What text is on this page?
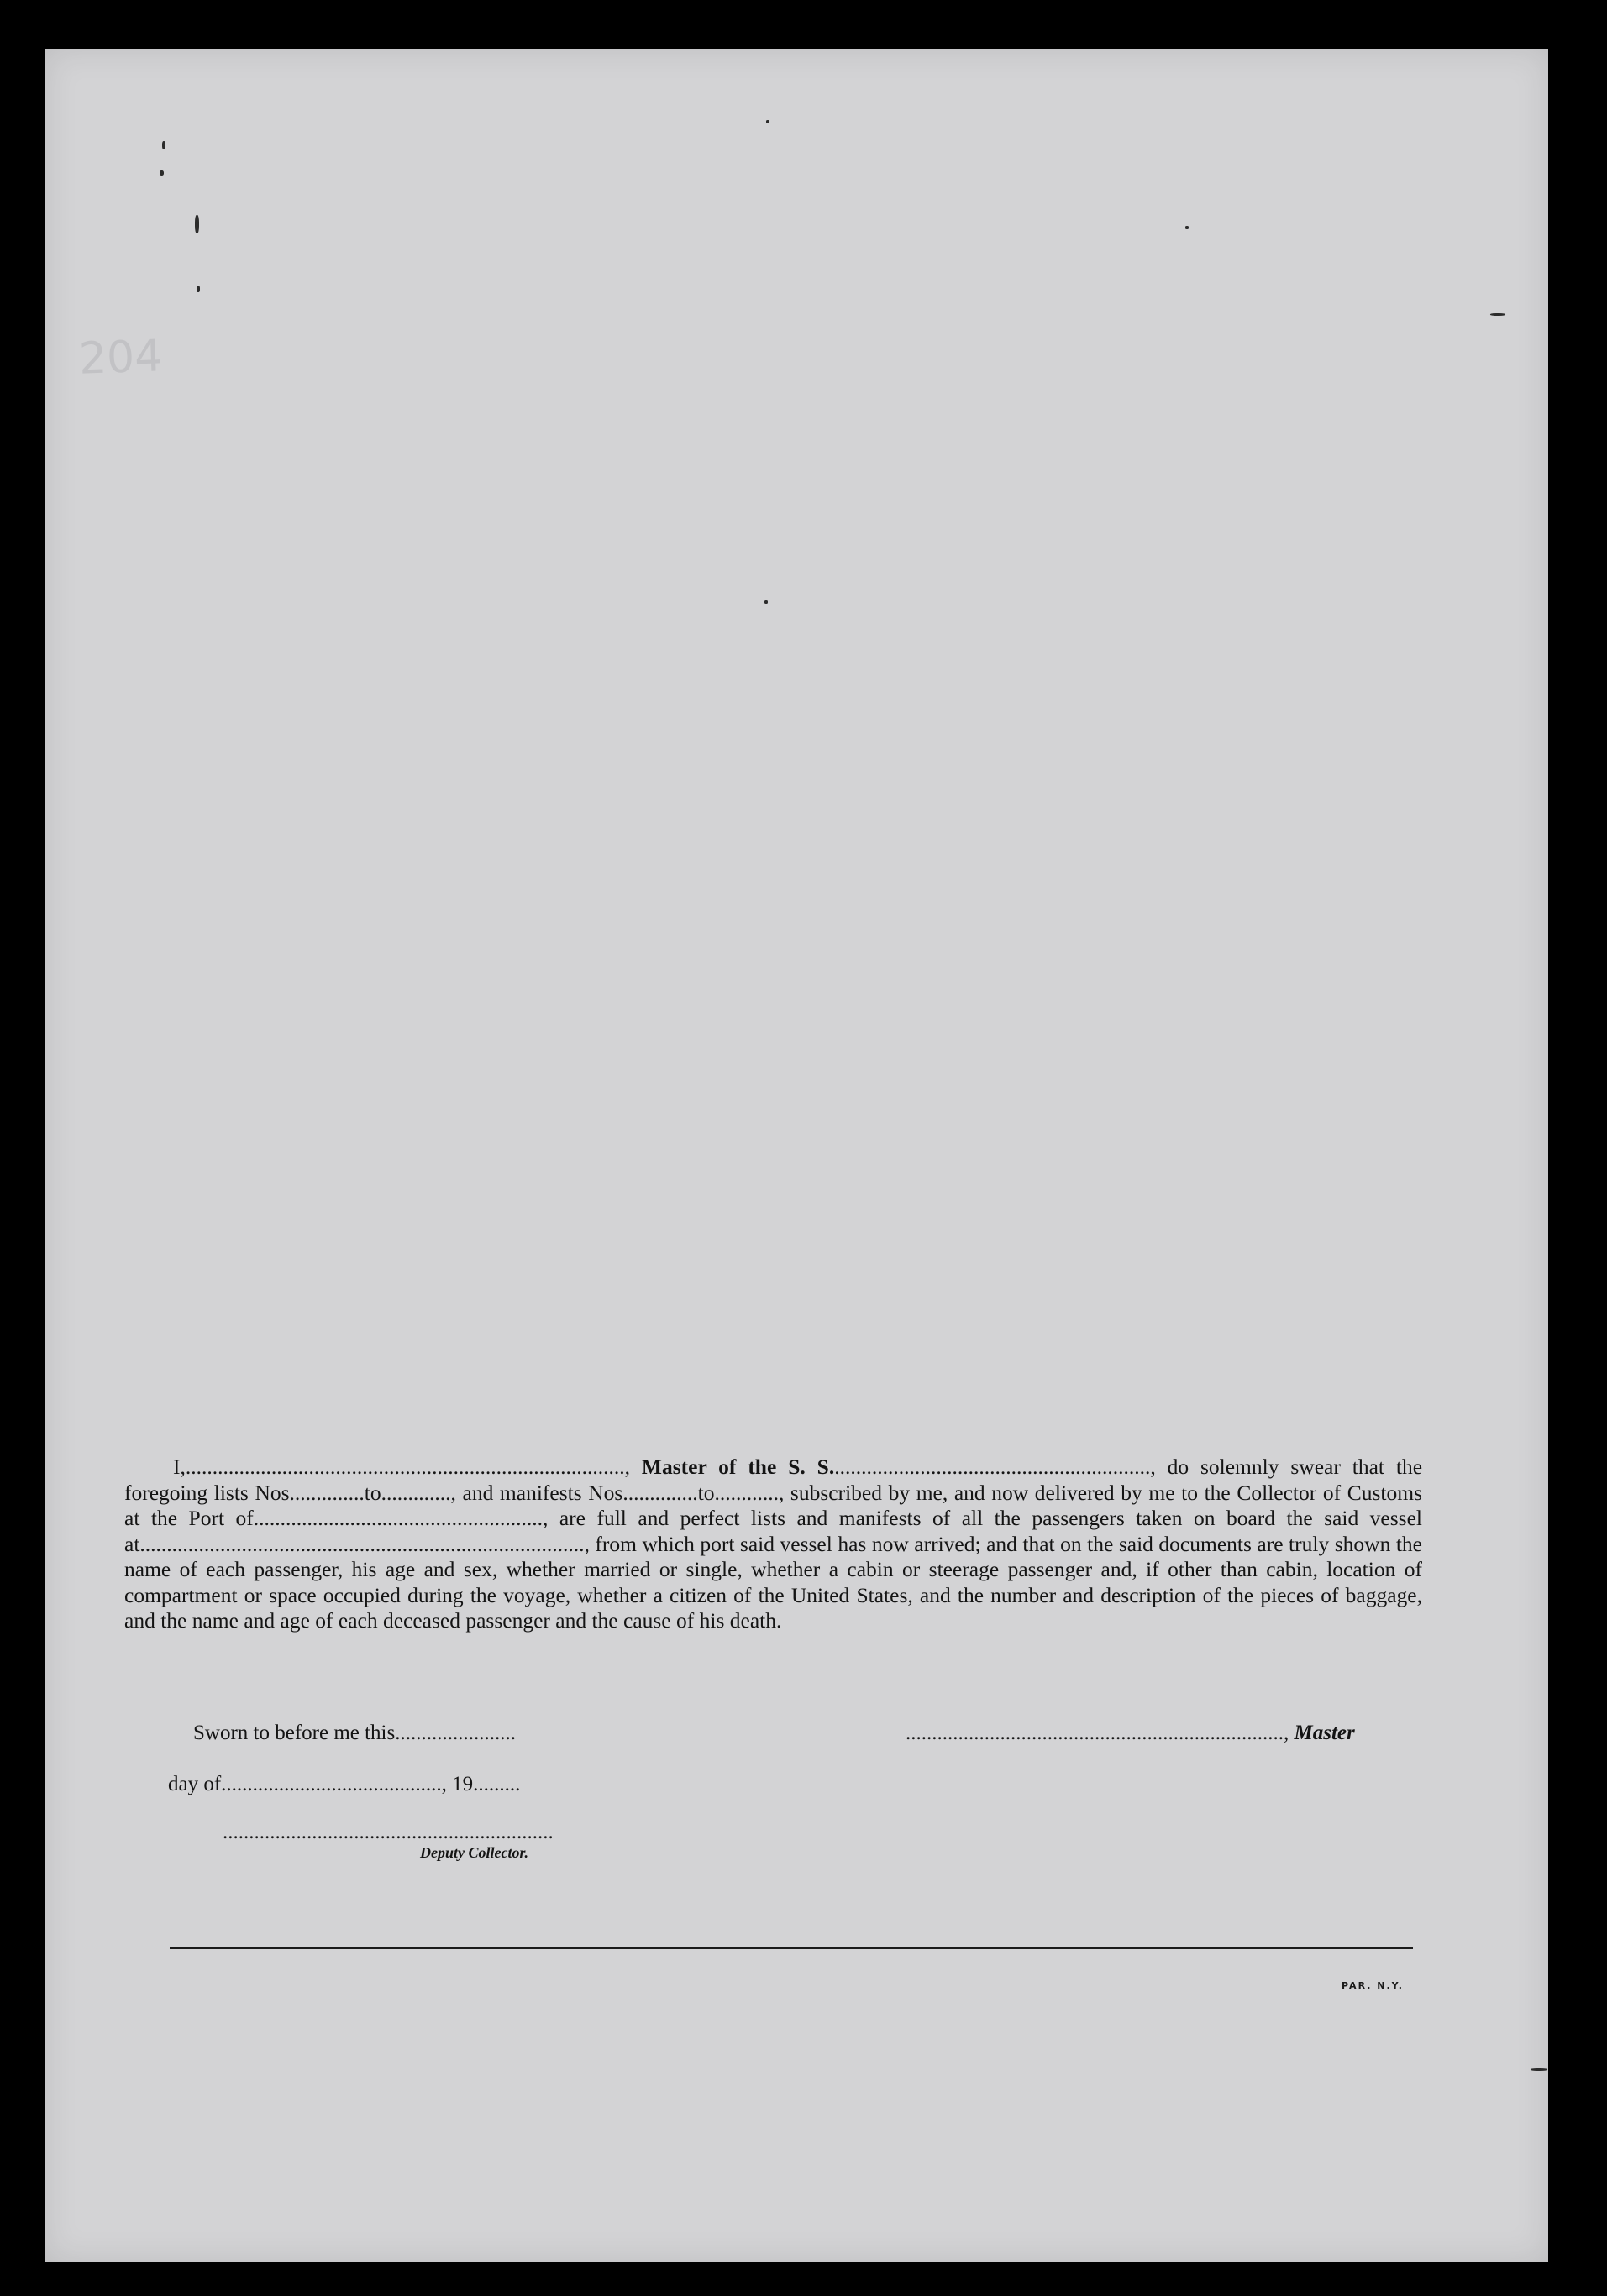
204
I,.................................................................................., Master of the S. S............................................................, do solemnly swear that the foregoing lists Nos..............to............., and manifests Nos..............to............, subscribed by me, and now delivered by me to the Collector of Customs at the Port of......................................................, are full and perfect lists and manifests of all the passengers taken on board the said vessel at..................................................................................., from which port said vessel has now arrived; and that on the said documents are truly shown the name of each passenger, his age and sex, whether married or single, whether a cabin or steerage passenger and, if other than cabin, location of compartment or space occupied during the voyage, whether a citizen of the United States, and the number and description of the pieces of baggage, and the name and age of each deceased passenger and the cause of his death.
Sworn to before me this.......................	........................................................................, Master
day of.........................................., 19.........
...............................................................
Deputy Collector.
PAR. N.Y.
